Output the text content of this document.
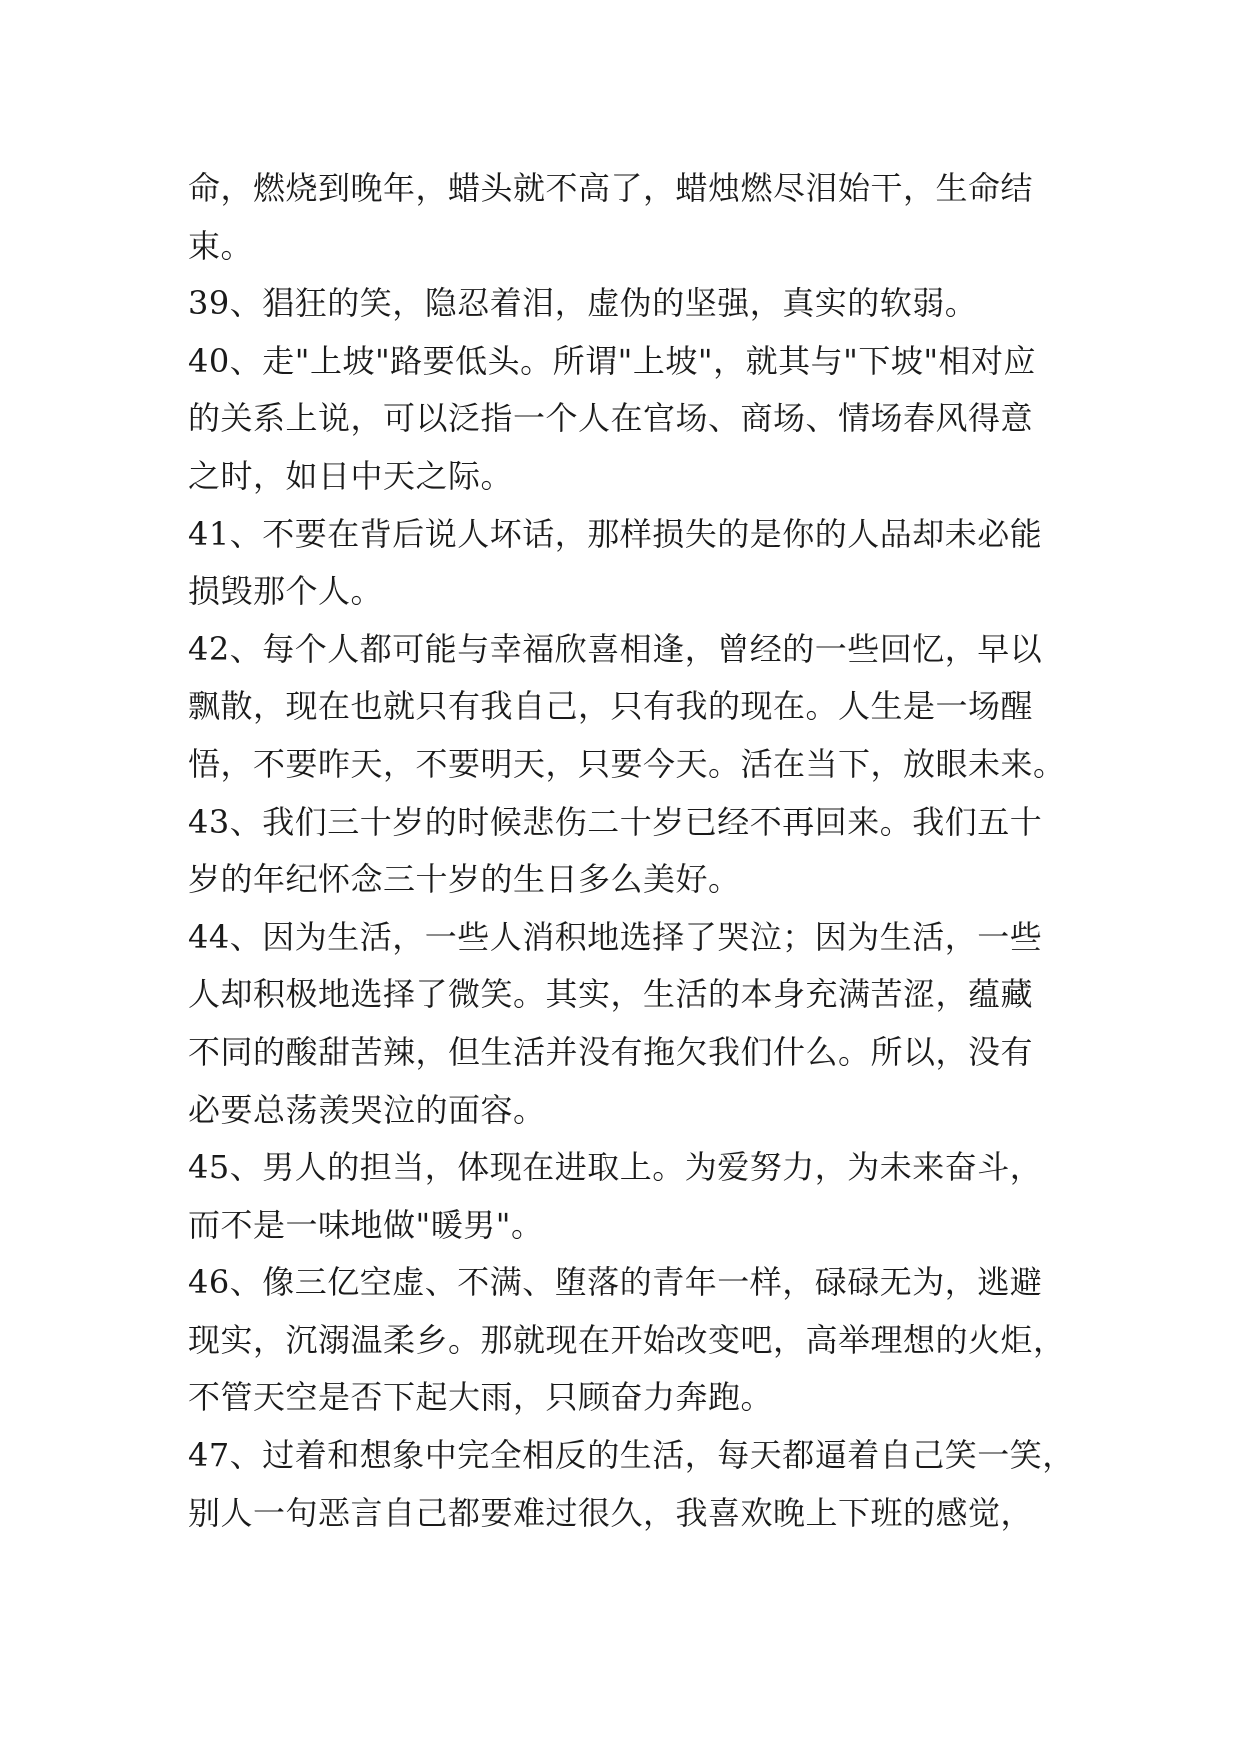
命，燃烧到晚年，蜡头就不高了，蜡烛燃尽泪始干，生命结
束。
39、猖狂的笑，隐忍着泪，虚伪的坚强，真实的软弱。
40、走"上坡"路要低头。所谓"上坡"，就其与"下坡"相对应
的关系上说，可以泛指一个人在官场、商场、情场春风得意
之时，如日中天之际。
41、不要在背后说人坏话，那样损失的是你的人品却未必能
损毁那个人。
42、每个人都可能与幸福欣喜相逢，曾经的一些回忆，早以
飘散，现在也就只有我自己，只有我的现在。人生是一场醒
悟，不要昨天，不要明天，只要今天。活在当下，放眼未来。
43、我们三十岁的时候悲伤二十岁已经不再回来。我们五十
岁的年纪怀念三十岁的生日多么美好。
44、因为生活，一些人消积地选择了哭泣；因为生活，一些
人却积极地选择了微笑。其实，生活的本身充满苦涩，蕴藏
不同的酸甜苦辣，但生活并没有拖欠我们什么。所以，没有
必要总荡羡哭泣的面容。
45、男人的担当，体现在进取上。为爱努力，为未来奋斗，
而不是一味地做"暖男"。
46、像三亿空虚、不满、堕落的青年一样，碌碌无为，逃避
现实，沉溺温柔乡。那就现在开始改变吧，高举理想的火炬，
不管天空是否下起大雨，只顾奋力奔跑。
47、过着和想象中完全相反的生活，每天都逼着自己笑一笑，
别人一句恶言自己都要难过很久，我喜欢晚上下班的感觉，
